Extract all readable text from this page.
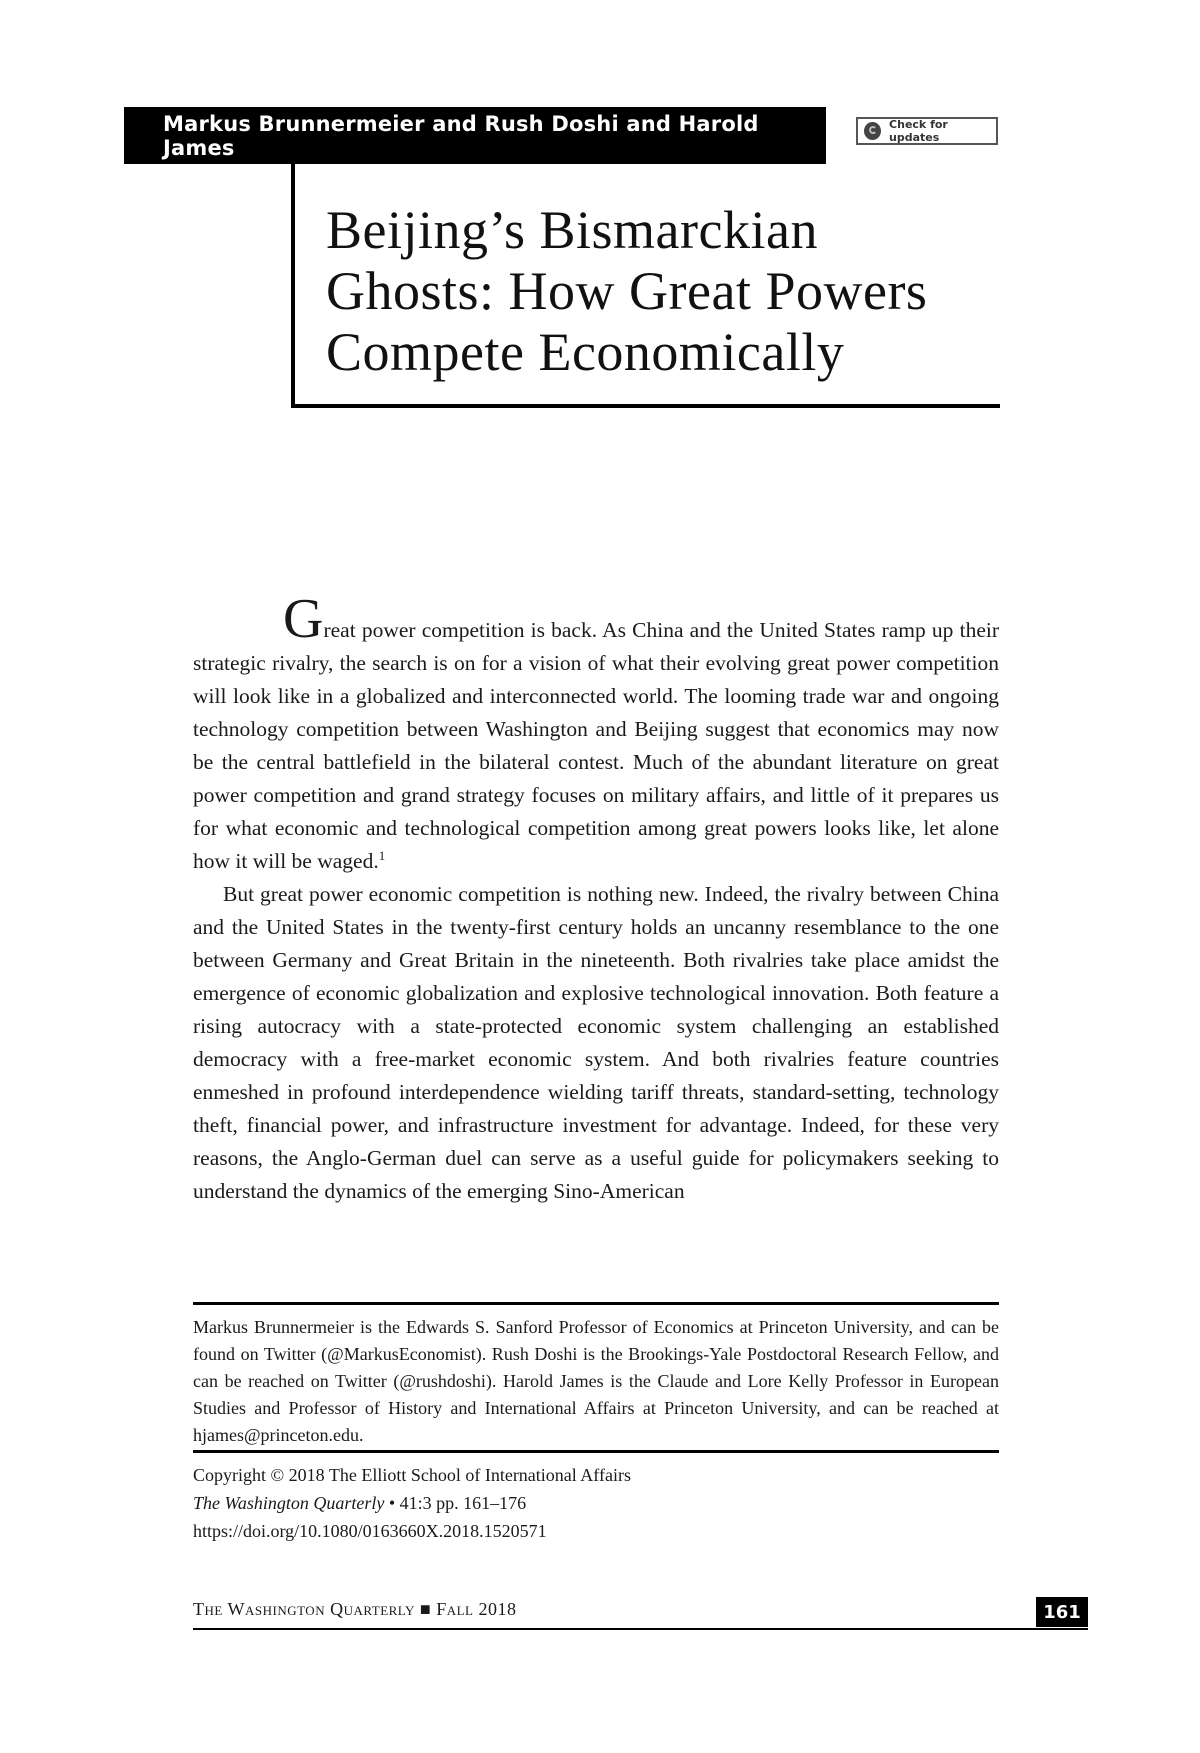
Markus Brunnermeier and Rush Doshi and Harold James
Check for updates
Beijing’s Bismarckian
Ghosts: How Great Powers
Compete Economically

Great power competition is back. As China and the United States ramp up their strategic rivalry, the search is on for a vision of what their evolving great power competition will look like in a globalized and interconnected world. The looming trade war and ongoing technology competition between Washington and Beijing suggest that economics may now be the central battlefield in the bilateral contest. Much of the abundant literature on great power competition and grand strategy focuses on military affairs, and little of it prepares us for what economic and technological competition among great powers looks like, let alone how it will be waged.$^1$

But great power economic competition is nothing new. Indeed, the rivalry between China and the United States in the twenty-first century holds an uncanny resemblance to the one between Germany and Great Britain in the nineteenth. Both rivalries take place amidst the emergence of economic globalization and explosive technological innovation. Both feature a rising autocracy with a state-protected economic system challenging an established democracy with a free-market economic system. And both rivalries feature countries enmeshed in profound interdependence wielding tariff threats, standard-setting, technology theft, financial power, and infrastructure investment for advantage. Indeed, for these very reasons, the Anglo-German duel can serve as a useful guide for policymakers seeking to understand the dynamics of the emerging Sino-American

Markus Brunnermeier is the Edwards S. Sanford Professor of Economics at Princeton University, and can be found on Twitter (@MarkusEconomist). Rush Doshi is the Brookings-Yale Postdoctoral Research Fellow, and can be reached on Twitter (@rushdoshi). Harold James is the Claude and Lore Kelly Professor in European Studies and Professor of History and International Affairs at Princeton University, and can be reached at hjames@princeton.edu.

Copyright © 2018 The Elliott School of International Affairs
The Washington Quarterly • 41:3 pp. 161–176
https://doi.org/10.1080/0163660X.2018.1520571
The Washington Quarterly ■ Fall 2018	161
